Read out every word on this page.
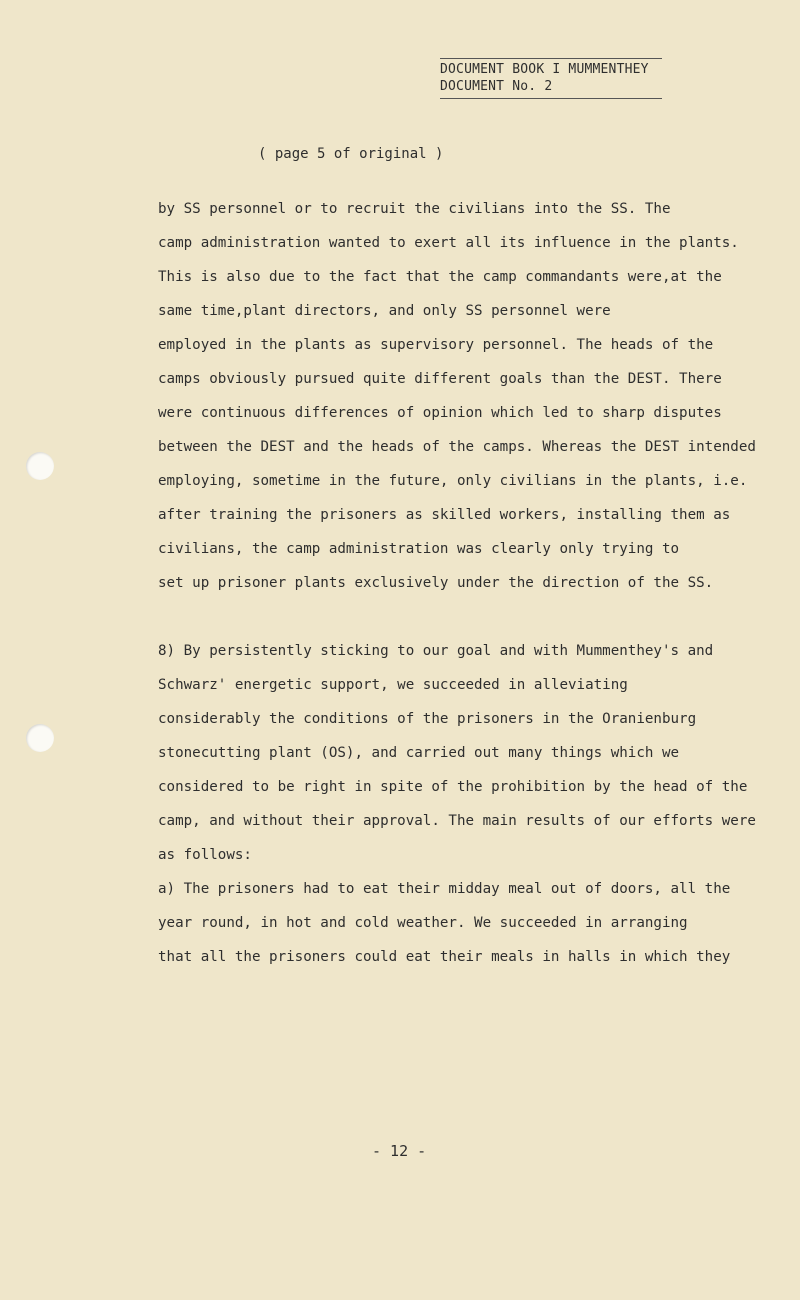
DOCUMENT BOOK I MUMMENTHEY
DOCUMENT No. 2
( page 5 of original )
by SS personnel or to recruit the civilians into the SS. The
camp administration wanted to exert all its influence in the plants.
This is also due to the fact that the camp commandants were,at the
same time,plant directors, and only SS personnel were
employed in the plants as supervisory personnel. The heads of the
camps obviously pursued quite different goals than the DEST. There
were continuous differences of opinion which led to sharp disputes
between the DEST and the heads of the camps. Whereas the DEST intended
employing, sometime in the future, only civilians in the plants, i.e.
after training the prisoners as skilled workers, installing them as
civilians, the camp administration was clearly only trying to
set up prisoner plants exclusively under the direction of the SS.
8) By persistently sticking to our goal and with Mummenthey's and
Schwarz' energetic support, we succeeded in alleviating
considerably the conditions of the prisoners in the Oranienburg
stonecutting plant (OS), and carried out many things which we
considered to be right in spite of the prohibition by the head of the
camp, and without their approval. The main results of our efforts were
as follows:
a) The prisoners had to eat their midday meal out of doors, all the
year round, in hot and cold weather. We succeeded in arranging
that all the prisoners could eat their meals in halls in which they
- 12 -
